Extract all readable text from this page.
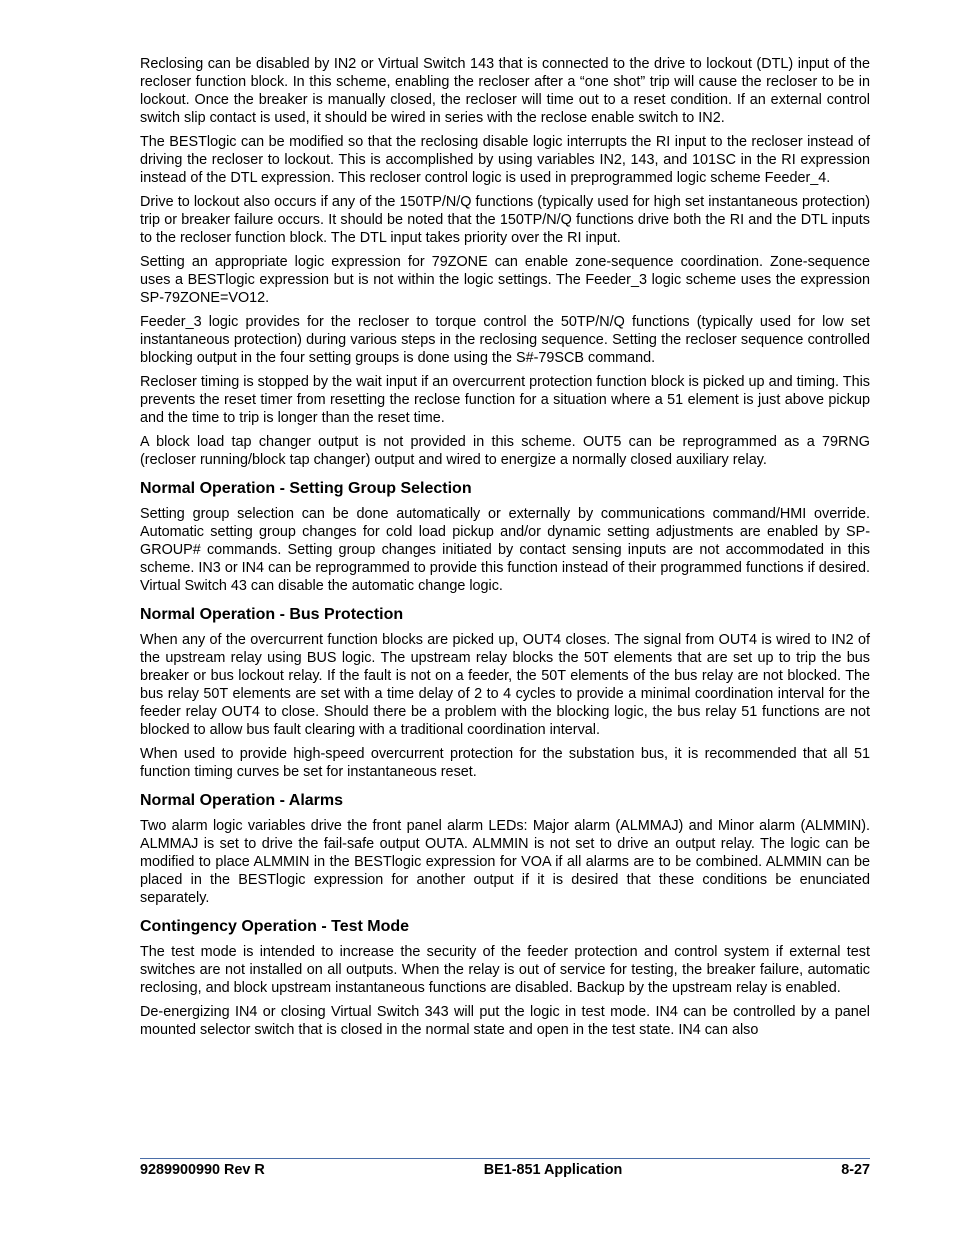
Reclosing can be disabled by IN2 or Virtual Switch 143 that is connected to the drive to lockout (DTL) input of the recloser function block. In this scheme, enabling the recloser after a “one shot” trip will cause the recloser to be in lockout. Once the breaker is manually closed, the recloser will time out to a reset condition. If an external control switch slip contact is used, it should be wired in series with the reclose enable switch to IN2.

The BESTlogic can be modified so that the reclosing disable logic interrupts the RI input to the recloser instead of driving the recloser to lockout. This is accomplished by using variables IN2, 143, and 101SC in the RI expression instead of the DTL expression. This recloser control logic is used in preprogrammed logic scheme Feeder_4.

Drive to lockout also occurs if any of the 150TP/N/Q functions (typically used for high set instantaneous protection) trip or breaker failure occurs. It should be noted that the 150TP/N/Q functions drive both the RI and the DTL inputs to the recloser function block. The DTL input takes priority over the RI input.

Setting an appropriate logic expression for 79ZONE can enable zone-sequence coordination. Zone-sequence uses a BESTlogic expression but is not within the logic settings. The Feeder_3 logic scheme uses the expression SP-79ZONE=VO12.

Feeder_3 logic provides for the recloser to torque control the 50TP/N/Q functions (typically used for low set instantaneous protection) during various steps in the reclosing sequence. Setting the recloser sequence controlled blocking output in the four setting groups is done using the S#-79SCB command.

Recloser timing is stopped by the wait input if an overcurrent protection function block is picked up and timing. This prevents the reset timer from resetting the reclose function for a situation where a 51 element is just above pickup and the time to trip is longer than the reset time.

A block load tap changer output is not provided in this scheme. OUT5 can be reprogrammed as a 79RNG (recloser running/block tap changer) output and wired to energize a normally closed auxiliary relay.

Normal Operation - Setting Group Selection

Setting group selection can be done automatically or externally by communications command/HMI override. Automatic setting group changes for cold load pickup and/or dynamic setting adjustments are enabled by SP-GROUP# commands. Setting group changes initiated by contact sensing inputs are not accommodated in this scheme. IN3 or IN4 can be reprogrammed to provide this function instead of their programmed functions if desired. Virtual Switch 43 can disable the automatic change logic.

Normal Operation - Bus Protection

When any of the overcurrent function blocks are picked up, OUT4 closes. The signal from OUT4 is wired to IN2 of the upstream relay using BUS logic. The upstream relay blocks the 50T elements that are set up to trip the bus breaker or bus lockout relay. If the fault is not on a feeder, the 50T elements of the bus relay are not blocked. The bus relay 50T elements are set with a time delay of 2 to 4 cycles to provide a minimal coordination interval for the feeder relay OUT4 to close. Should there be a problem with the blocking logic, the bus relay 51 functions are not blocked to allow bus fault clearing with a traditional coordination interval.

When used to provide high-speed overcurrent protection for the substation bus, it is recommended that all 51 function timing curves be set for instantaneous reset.

Normal Operation - Alarms

Two alarm logic variables drive the front panel alarm LEDs: Major alarm (ALMMAJ) and Minor alarm (ALMMIN). ALMMAJ is set to drive the fail-safe output OUTA. ALMMIN is not set to drive an output relay. The logic can be modified to place ALMMIN in the BESTlogic expression for VOA if all alarms are to be combined. ALMMIN can be placed in the BESTlogic expression for another output if it is desired that these conditions be enunciated separately.

Contingency Operation - Test Mode

The test mode is intended to increase the security of the feeder protection and control system if external test switches are not installed on all outputs. When the relay is out of service for testing, the breaker failure, automatic reclosing, and block upstream instantaneous functions are disabled. Backup by the upstream relay is enabled.

De-energizing IN4 or closing Virtual Switch 343 will put the logic in test mode. IN4 can be controlled by a panel mounted selector switch that is closed in the normal state and open in the test state. IN4 can also

9289900990 Rev R	BE1-851 Application	8-27
